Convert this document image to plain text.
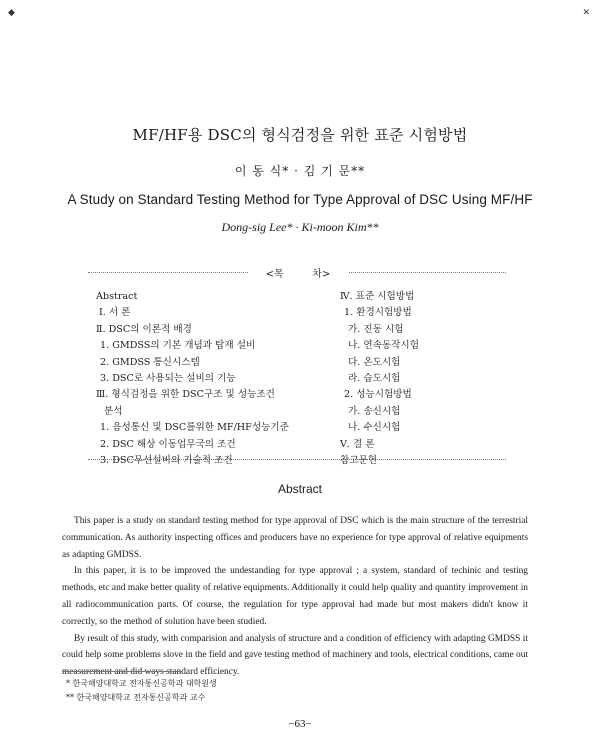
◆	✕
MF/HF용 DSC의 형식검정을 위한 표준 시험방법
이 동 식* · 김 기 문**
A Study on Standard Testing Method for Type Approval of DSC Using MF/HF
Dong-sig Lee* · Ki-moon Kim**
<목	차>
Abstract
Ⅰ. 서 론
Ⅱ. DSC의 이론적 배경
1. GMDSS의 기본 개념과 탑재 설비
2. GMDSS 통신시스템
3. DSC로 사용되는 설비의 기능
Ⅲ. 형식검정을 위한 DSC구조 및 성능조건
분석
1. 음성통신 및 DSC를위한 MF/HF성능기준
2. DSC 해상 이동업무국의 조건
3. DSC무선설비의 기술적 조건
Ⅳ. 표준 시험방법
1. 환경시험방법
가. 진동 시험
나. 연속동작시험
다. 온도시험
라. 습도시험
2. 성능시험방법
가. 송신시험
나. 수신시험
Ⅴ. 결 론
참고문헌
Abstract

This paper is a study on standard testing method for type approval of DSC which is the main structure of the terrestrial communication. As authority inspecting offices and producers have no experience for type approval of relative equipments as adapting GMDSS.

In this paper, it is to be improved the undestanding for type approval ; a system, standard of techinic and testing methods, etc and make better quality of relative equipments. Additionally it could help quality and quantity improvement in all radiocommunication parts. Of course, the regulation for type approval had made but most makers didn't know it correctly, so the method of solution have been studied.

By result of this study, with comparision and analysis of structure and a condition of efficiency with adapting GMDSS it could help some problems slove in the field and gave testing method of machinery and tools, electrical conditions, came out measurement and did ways standard efficiency.

* 한국해양대학교 전자통신공학과 대학원생
** 한국해양대학교 전자통신공학과 교수
−63−
